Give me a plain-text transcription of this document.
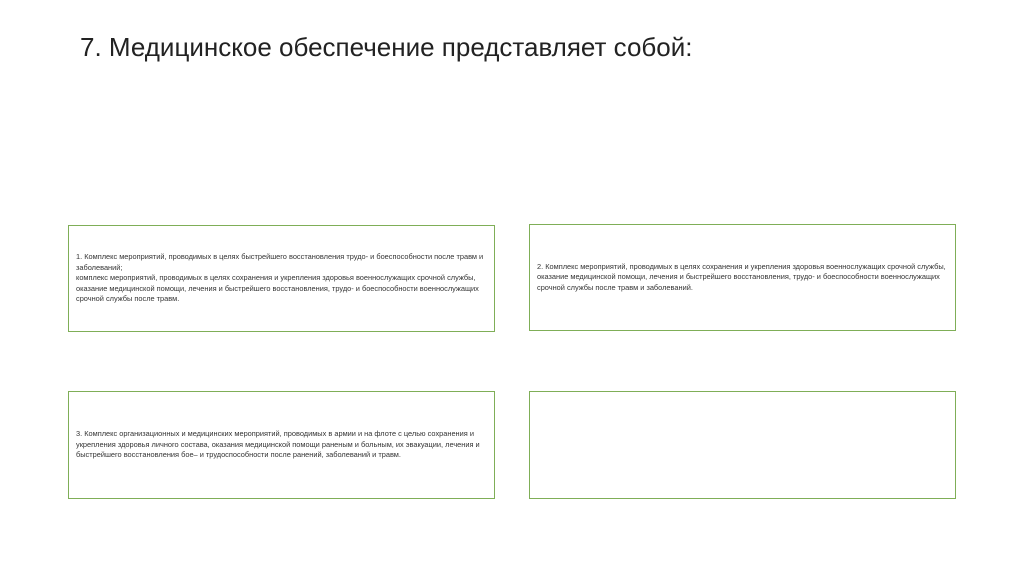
7. Медицинское обеспечение представляет собой:
1. Комплекс мероприятий, проводимых в целях быстрейшего восстановления трудо- и боеспособности после травм и заболеваний;
комплекс мероприятий, проводимых в целях сохранения и укрепления здоровья военнослужащих срочной службы, оказание медицинской помощи, лечения и быстрейшего восстановления, трудо- и боеспособности военнослужащих срочной службы после травм.
2. Комплекс мероприятий, проводимых в целях сохранения и укрепления здоровья военнослужащих срочной службы, оказание медицинской помощи, лечения и быстрейшего восстановления, трудо- и боеспособности военнослужащих срочной службы после травм и заболеваний.
3. Комплекс организационных и медицинских мероприятий, проводимых в армии и на флоте с целью сохранения и укрепления здоровья личного состава, оказания медицинской помощи раненым и больным, их эвакуации, лечения и быстрейшего восстановления бое– и трудоспособности после ранений, заболеваний и травм.
